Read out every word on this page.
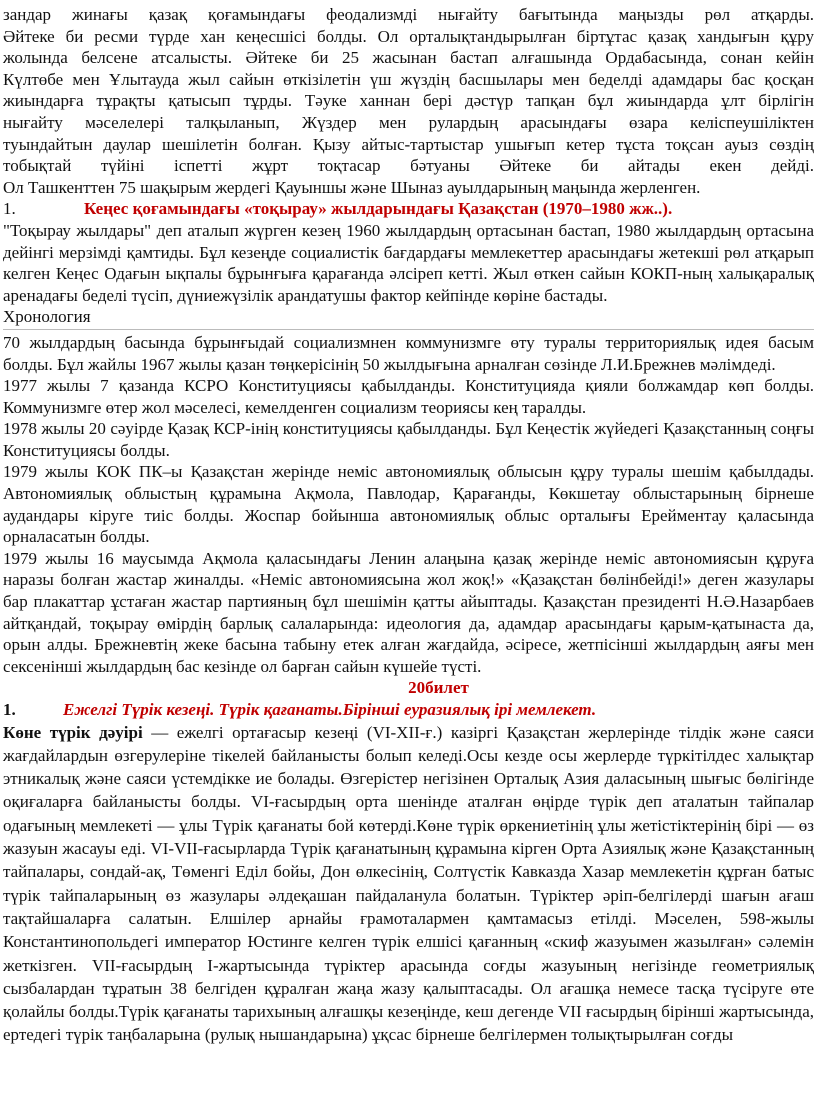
зандар жинағы қазақ қоғамындағы феодализмді нығайту бағытында маңызды рөл атқарды.

Әйтеке би ресми түрде хан кеңесшісі болды. Ол орталықтандырылған біртұтас қазақ хандығын құру

жолында белсене атсалысты. Әйтеке би 25 жасынан бастап алғашында Ордабасында, сонан кейін

Күлтөбе мен Ұлытауда жыл сайын өткізілетін үш жүздің басшылары мен беделді адамдары бас қосқан

жиындарға тұрақты қатысып тұрды. Тәуке ханнан бері дәстүр тапқан бұл жиындарда ұлт бірлігін

нығайту мәселелері талқыланып, Жүздер мен рулардың арасындағы өзара келіспеушіліктен

туындайтын даулар шешілетін болған. Қызу айтыс-тартыстар ушығып кетер тұста тоқсан ауыз сөздің

тобықтай түйіні іспетті жұрт тоқтасар бәтуаны Әйтеке би айтады екен дейді.

Ол Ташкенттен 75 шақырым жердегі Қауыншы және Шыназ ауылдарының маңында жерленген.

1.	Кеңес қоғамындағы «тоқырау» жылдарындағы Қазақстан (1970–1980 жж..).

"Тоқырау жылдары" деп аталып жүрген кезең 1960 жылдардың ортасынан бастап, 1980 жылдардың ортасына дейінгі мерзімді қамтиды. Бұл кезеңде социалистік бағдардағы мемлекеттер арасындағы жетекші рөл атқарып келген Кеңес Одағын ықпалы бұрынғыға қарағанда әлсіреп кетті. Жыл өткен сайын КОКП-ның халықаралық аренадағы беделі түсіп, дүниежүзілік арандатушы фактор кейпінде көріне бастады.

Хронология

70 жылдардың басында бұрынғыдай социализмнен коммунизмге өту туралы территориялық идея басым болды. Бұл жайлы 1967 жылы қазан төңкерісінің 50 жылдығына арналған сөзінде Л.И.Брежнев мәлімдеді.

1977 жылы 7 қазанда КСРО Конституциясы қабылданды. Конституцияда қияли болжамдар көп болды. Коммунизмге өтер жол мәселесі, кемелденген социализм теориясы кең таралды.

1978 жылы 20 сәуірде Қазақ КСР-інің конституциясы қабылданды. Бұл Кеңестік жүйедегі Қазақстанның соңғы Конституциясы болды.

1979 жылы КОК ПК–ы Қазақстан жерінде неміс автономиялық облысын құру туралы шешім қабылдады. Автономиялық облыстың құрамына Ақмола, Павлодар, Қарағанды, Көкшетау облыстарының бірнеше аудандары кіруге тиіс болды. Жоспар бойынша автономиялық облыс орталығы Ерейментау қаласында орналасатын болды.

1979 жылы 16 маусымда Ақмола қаласындағы Ленин алаңына қазақ жерінде неміс автономиясын құруға наразы болған жастар жиналды. «Неміс автономиясына жол жоқ!» «Қазақстан бөлінбейді!» деген жазулары бар плакаттар ұстаған жастар партияның бұл шешімін қатты айыптады. Қазақстан президенті Н.Ә.Назарбаев айтқандай, тоқырау өмірдің барлық салаларында: идеология да, адамдар арасындағы қарым-қатынаста да, орын алды. Брежневтің жеке басына табыну етек алған жағдайда, әсіресе, жетпісінші жылдардың аяғы мен сексенінші жылдардың бас кезінде ол барған сайын күшейе түсті.

20билет
1.	Ежелгі Түрік кезеңі. Түрік қағанаты.Бірінші еуразиялық ірі мемлекет.

Көне түрік дәуірі — ежелгі ортағасыр кезеңі (VI-XII-ғ.) казіргі Қазақстан жерлерінде тілдік және саяси жағдайлардын өзгерулеріне тікелей байланысты болып келеді.Осы кезде осы жерлерде түркітілдес халықтар этникалық және саяси үстемдікке ие болады. Өзгерістер негізінен Орталық Азия даласының шығыс бөлігінде оқиғаларға байланысты болды. VI-ғасырдың орта шенінде аталған өңірде түрік деп аталатын тайпалар одағының мемлекеті — ұлы Түрік қағанаты бой көтерді.Көне түрік өркениетінің ұлы жетістіктерінің бірі — өз жазуын жасауы еді. VI-VII-ғасырларда Түрік қағанатының құрамына кірген Орта Азиялық және Қазақстанның тайпалары, сондай-ақ, Төменгі Еділ бойы, Дон өлкесінің, Солтүстік Кавказда Хазар мемлекетін құрған батыс түрік тайпаларының өз жазулары әлдеқашан пайдаланула болатын. Түріктер әріп-белгілерді шағын ағаш тақтайшаларға салатын. Елшілер арнайы ғрамоталармен қамтамасыз етілді. Мәселен, 598-жылы Константинопольдегі император Юстинге келген түрік елшісі қағанның «скиф жазуымен жазылған» сәлемін жеткізген. VII-ғасырдың І-жартысында түріктер арасында соғды жазуының негізінде геометриялық сызбалардан тұратын 38 белгіден құралған жаңа жазу қалыптасады. Ол ағашқа немесе тасқа түсіруге өте қолайлы болды.Түрік қағанаты тарихының алғашқы кезеңінде, кеш дегенде VII ғасырдың бірінші жартысында, ертедегі түрік таңбаларына (рулық нышандарына) ұқсас бірнеше белгілермен толықтырылған соғды
